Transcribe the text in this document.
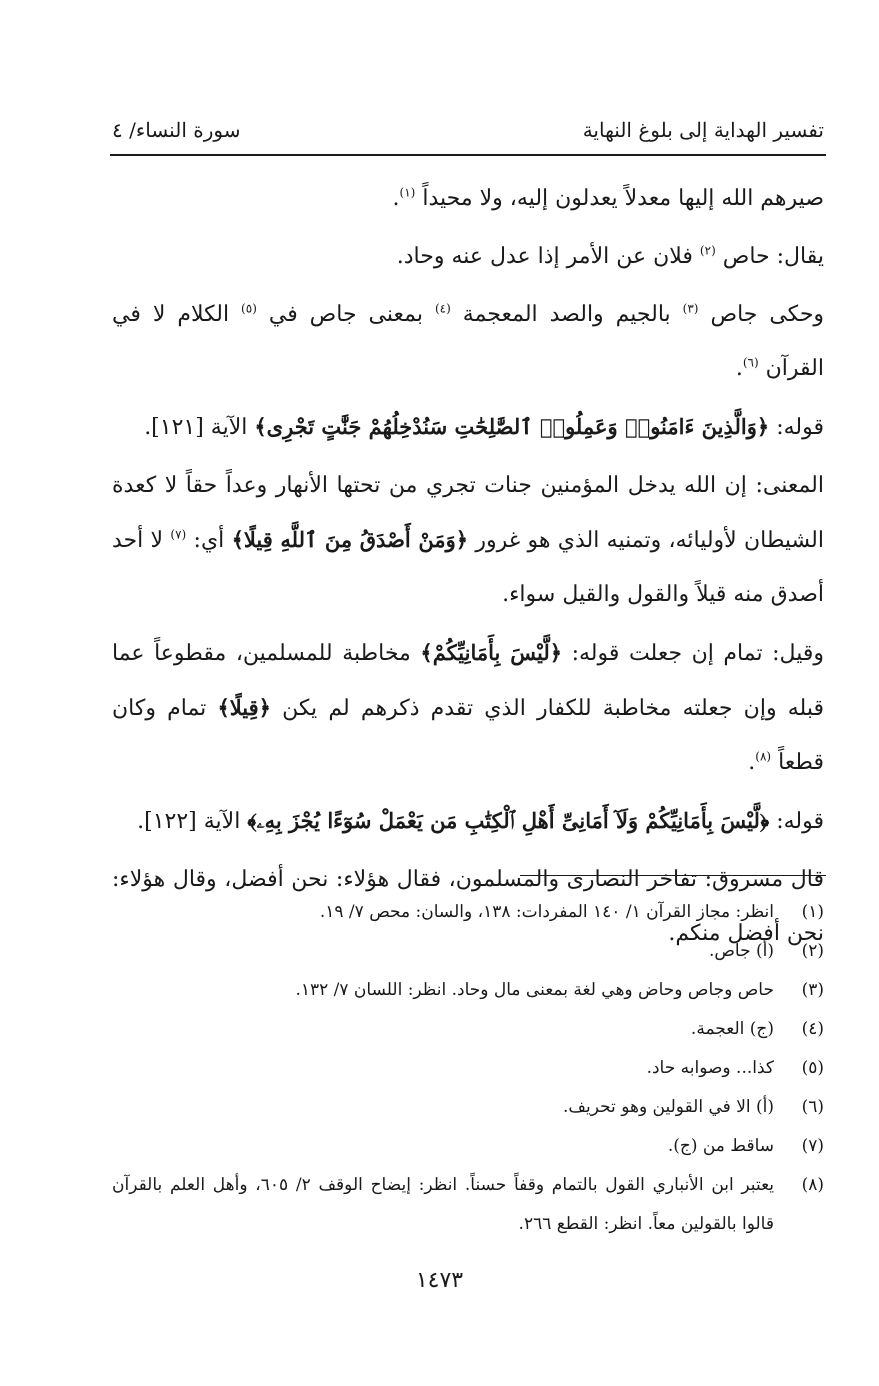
تفسير الهداية إلى بلوغ النهاية
سورة النساء/ ٤

صيرهم الله إليها معدلاً يعدلون إليه، ولا محيداً $^{(١)}$.

يقال: حاص $^{(٢)}$ فلان عن الأمر إذا عدل عنه وحاد.

وحكى جاص $^{(٣)}$ بالجيم والصد المعجمة $^{(٤)}$ بمعنى جاص في $^{(٥)}$ الكلام لا في القرآن $^{(٦)}$.

قوله: ﴿وَالَّذِينَ ءَامَنُوا۟ وَعَمِلُوا۟ ٱلصَّٰلِحَٰتِ سَنُدْخِلُهُمْ جَنَّٰتٍ تَجْرِى﴾ الآية [١٢١].

المعنى: إن الله يدخل المؤمنين جنات تجري من تحتها الأنهار وعداً حقاً لا كعدة الشيطان لأوليائه، وتمنيه الذي هو غرور ﴿وَمَنْ أَصْدَقُ مِنَ ٱللَّهِ قِيلًا﴾ أي: $^{(٧)}$ لا أحد أصدق منه قيلاً والقول والقيل سواء.

وقيل: تمام إن جعلت قوله: ﴿لَّيْسَ بِأَمَانِيِّكُمْ﴾ مخاطبة للمسلمين، مقطوعاً عما قبله وإن جعلته مخاطبة للكفار الذي تقدم ذكرهم لم يكن ﴿قِيلًا﴾ تمام وكان قطعاً $^{(٨)}$.

قوله: ﴿لَّيْسَ بِأَمَانِيِّكُمْ وَلَآ أَمَانِىِّ أَهْلِ ٱلْكِتَٰبِ مَن يَعْمَلْ سُوٓءًا يُجْزَ بِهِۦ﴾ الآية [١٢٢].

قال مسروق: تفاخر النصارى والمسلمون، فقال هؤلاء: نحن أفضل، وقال هؤلاء: نحن أفضل منكم.

(١)
انظر: مجاز القرآن ١/ ١٤٠ المفردات: ١٣٨، والسان: محص ٧/ ١٩.
(٢)
(أ) جاص.
(٣)
حاص وجاص وحاض وهي لغة بمعنى مال وحاد. انظر: اللسان ٧/ ١٣٢.
(٤)
(ج) العجمة.
(٥)
كذا... وصوابه حاد.
(٦)
(أ) الا في القولين وهو تحريف.
(٧)
ساقط من (ج).
(٨)
يعتبر ابن الأنباري القول بالتمام وقفاً حسناً. انظر: إيضاح الوقف ٢/ ٦٠٥، وأهل العلم بالقرآن قالوا بالقولين معاً. انظر: القطع ٢٦٦.
١٤٧٣
